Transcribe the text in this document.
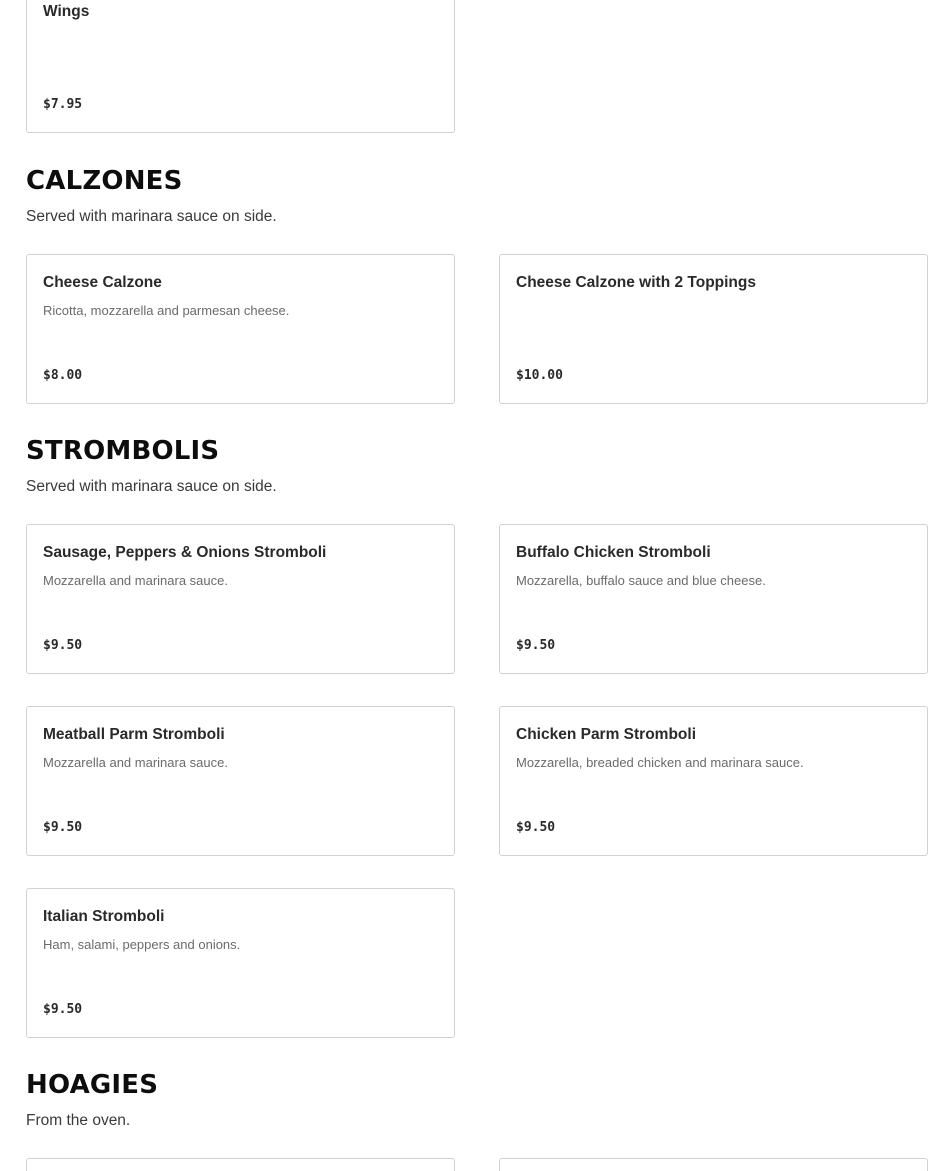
Wings
$7.95
CALZONES

Served with marinara sauce on side.

Cheese Calzone
Ricotta, mozzarella and parmesan cheese.
$8.00
Cheese Calzone with 2 Toppings
$10.00
STROMBOLIS

Served with marinara sauce on side.

Sausage, Peppers & Onions Stromboli
Mozzarella and marinara sauce.
$9.50
Buffalo Chicken Stromboli
Mozzarella, buffalo sauce and blue cheese.
$9.50
Meatball Parm Stromboli
Mozzarella and marinara sauce.
$9.50
Chicken Parm Stromboli
Mozzarella, breaded chicken and marinara sauce.
$9.50
Italian Stromboli
Ham, salami, peppers and onions.
$9.50
HOAGIES

From the oven.
